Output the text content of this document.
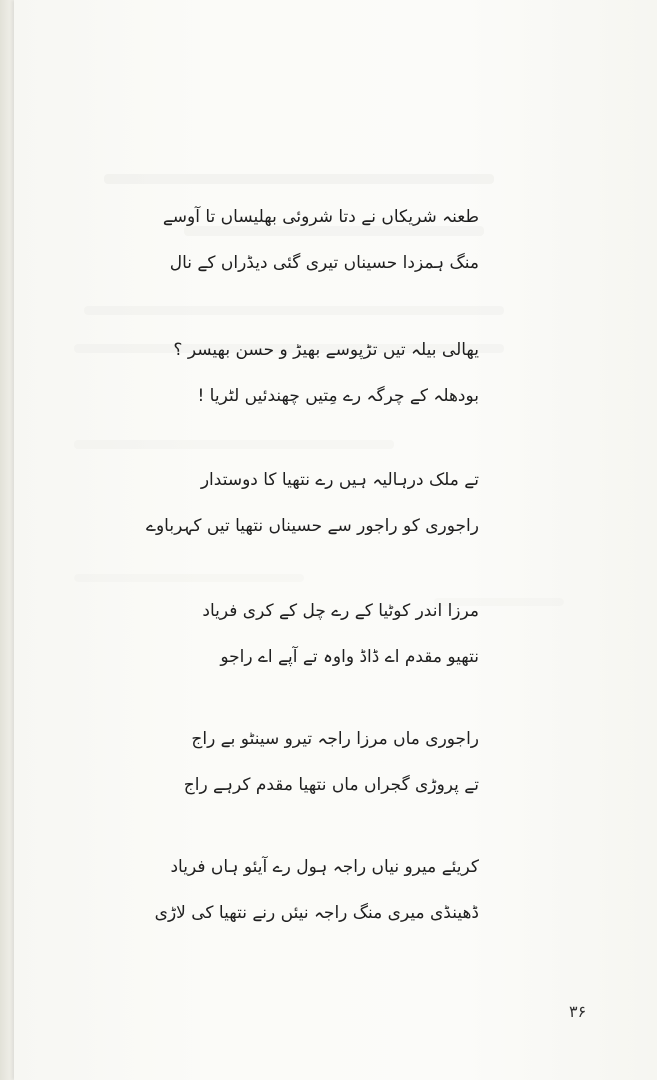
طعنہ شریکاں نے دتا شروئی بھلیساں تا آوسے
منگ ہمزدا حسیناں تیری گئی دیڈراں کے نال
یھالی بیلہ تیں تڑپوسے بھیڑ و حسن بھیسر ؟
بودھلہ کے چرگہ رے مِتیں چھندئیں لٹریا !
تے ملک درہالیہ ہیں رے نتھیا کا دوستدار
راجوری کو راجور سے حسیناں نتھیا تیں کہرباوے
مرزا اندر کوٹیا کے رے چل کے کری فریاد
نتھیو مقدم اے ڈاڈ واوہ تے آپے اے راجو
راجوری ماں مرزا راجہ تیرو سینٹو بے راج
تے پروڑی گجراں ماں نتھیا مقدم کرہے راج
کریئے میرو نیاں راجہ ہول رے آیئو ہاں فریاد
ڈھینڈی میری منگ راجہ نیئں رنے نتھیا کی لاڑی
۳۶
